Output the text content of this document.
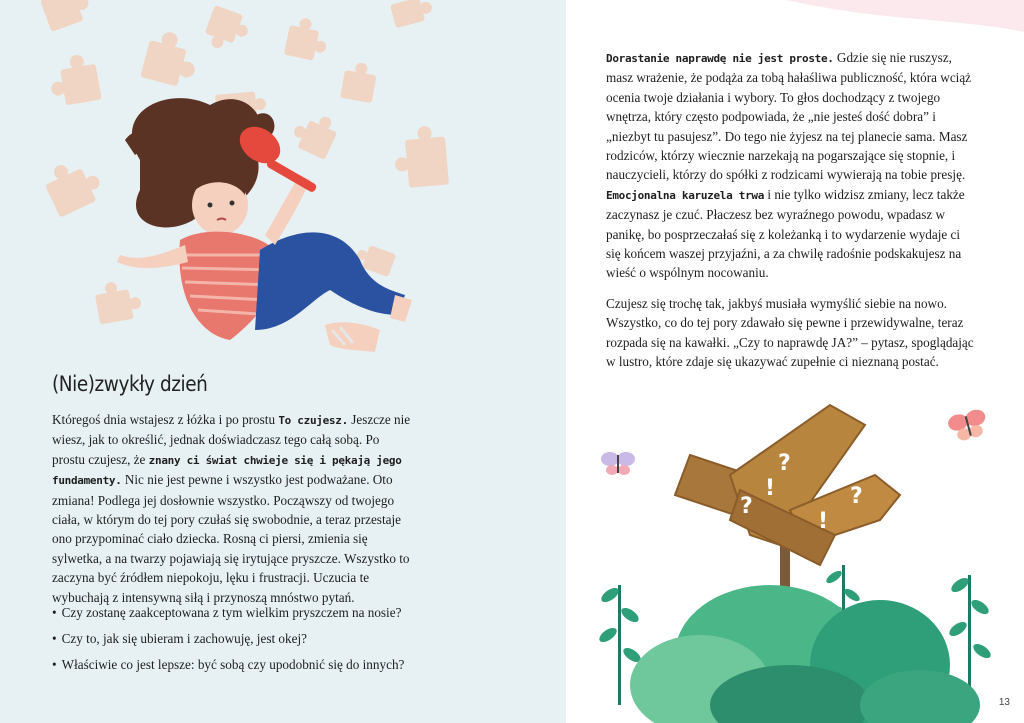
(Nie)zwykły dzień

Któregoś dnia wstajesz z łóżka i po prostu To czujesz. Jeszcze nie wiesz, jak to określić, jednak doświadczasz tego całą sobą. Po prostu czujesz, że znany ci świat chwieje się i pękają jego fundamenty. Nic nie jest pewne i wszystko jest podważane. Oto zmiana! Podlega jej dosłownie wszystko. Począwszy od twojego ciała, w którym do tej pory czułaś się swobodnie, a teraz przestaje ono przypominać ciało dziecka. Rosną ci piersi, zmienia się sylwetka, a na twarzy pojawiają się irytujące pryszcze. Wszystko to zaczyna być źródłem niepokoju, lęku i frustracji. Uczucia te wybuchają z intensywną siłą i przynoszą mnóstwo pytań.

• Czy zostanę zaakceptowana z tym wielkim pryszczem na nosie?
• Czy to, jak się ubieram i zachowuję, jest okej?
• Właściwie co jest lepsze: być sobą czy upodobnić się do innych?

Dorastanie naprawdę nie jest proste. Gdzie się nie ruszysz, masz wrażenie, że podąża za tobą hałaśliwa publiczność, która wciąż ocenia twoje działania i wybory. To głos dochodzący z twojego wnętrza, który często podpowiada, że „nie jesteś dość dobra” i „niezbyt tu pasujesz”. Do tego nie żyjesz na tej planecie sama. Masz rodziców, którzy wiecznie narzekają na pogarszające się stopnie, i nauczycieli, którzy do spółki z rodzicami wywierają na tobie presję. Emocjonalna karuzela trwa i nie tylko widzisz zmiany, lecz także zaczynasz je czuć. Płaczesz bez wyraźnego powodu, wpadasz w panikę, bo posprzeczałaś się z koleżanką i to wydarzenie wydaje ci się końcem waszej przyjaźni, a za chwilę radośnie podskakujesz na wieść o wspólnym nocowaniu.

Czujesz się trochę tak, jakbyś musiała wymyślić siebie na nowo. Wszystko, co do tej pory zdawało się pewne i przewidywalne, teraz rozpada się na kawałki. „Czy to naprawdę JA?” – pytasz, spoglądając w lustro, które zdaje się ukazywać zupełnie ci nieznaną postać.

? ?
!
?	?
!
13
